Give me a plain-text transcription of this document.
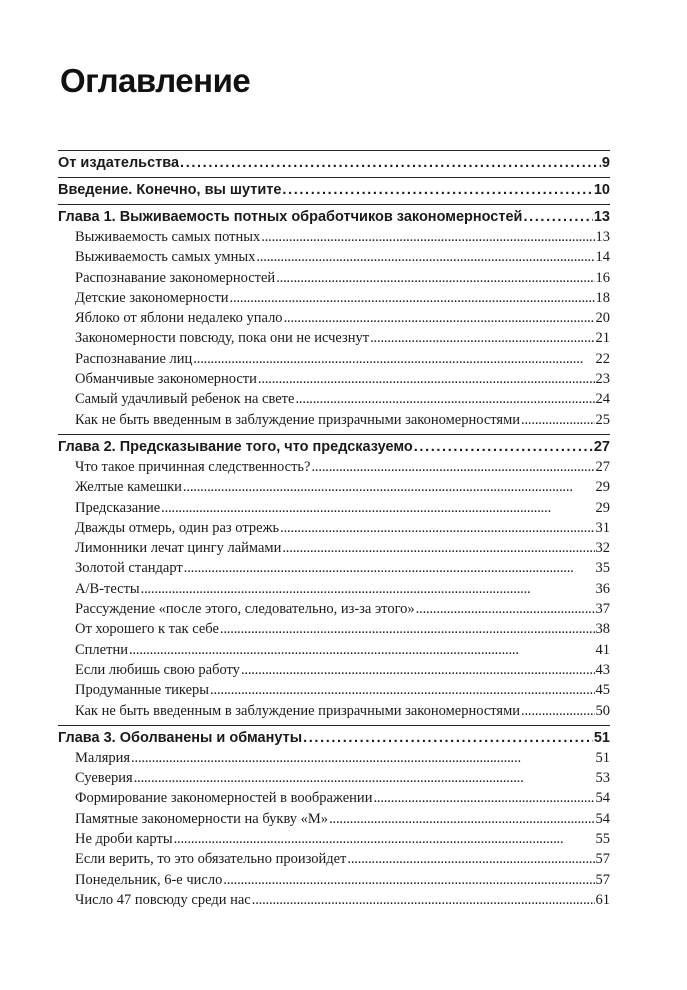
Оглавление
От издательства . . .	9
Введение. Конечно, вы шутите . . .	10
Глава 1. Выживаемость потных обработчиков закономерностей . . .	13
Выживаемость самых потных . . .	13
Выживаемость самых умных . . .	14
Распознавание закономерностей . . .	16
Детские закономерности . . .	18
Яблоко от яблони недалеко упало . . .	20
Закономерности повсюду, пока они не исчезнут . . .	21
Распознавание лиц . . .	22
Обманчивые закономерности . . .	23
Самый удачливый ребенок на свете . . .	24
Как не быть введенным в заблуждение призрачными закономерностями . . .	25
Глава 2. Предсказывание того, что предсказуемо . . .	27
Что такое причинная следственность? . . .	27
Желтые камешки . . .	29
Предсказание . . .	29
Дважды отмерь, один раз отрежь . . .	31
Лимонники лечат цингу лаймами . . .	32
Золотой стандарт . . .	35
A/B-тесты . . .	36
Рассуждение «после этого, следовательно, из-за этого» . . .	37
От хорошего к так себе . . .	38
Сплетни . . .	41
Если любишь свою работу . . .	43
Продуманные тикеры . . .	45
Как не быть введенным в заблуждение призрачными закономерностями . . .	50
Глава 3. Оболванены и обмануты . . .	51
Малярия . . .	51
Суеверия . . .	53
Формирование закономерностей в воображении . . .	54
Памятные закономерности на букву «М» . . .	54
Не дроби карты . . .	55
Если верить, то это обязательно произойдет . . .	57
Понедельник, 6-е число . . .	57
Число 47 повсюду среди нас . . .	61
